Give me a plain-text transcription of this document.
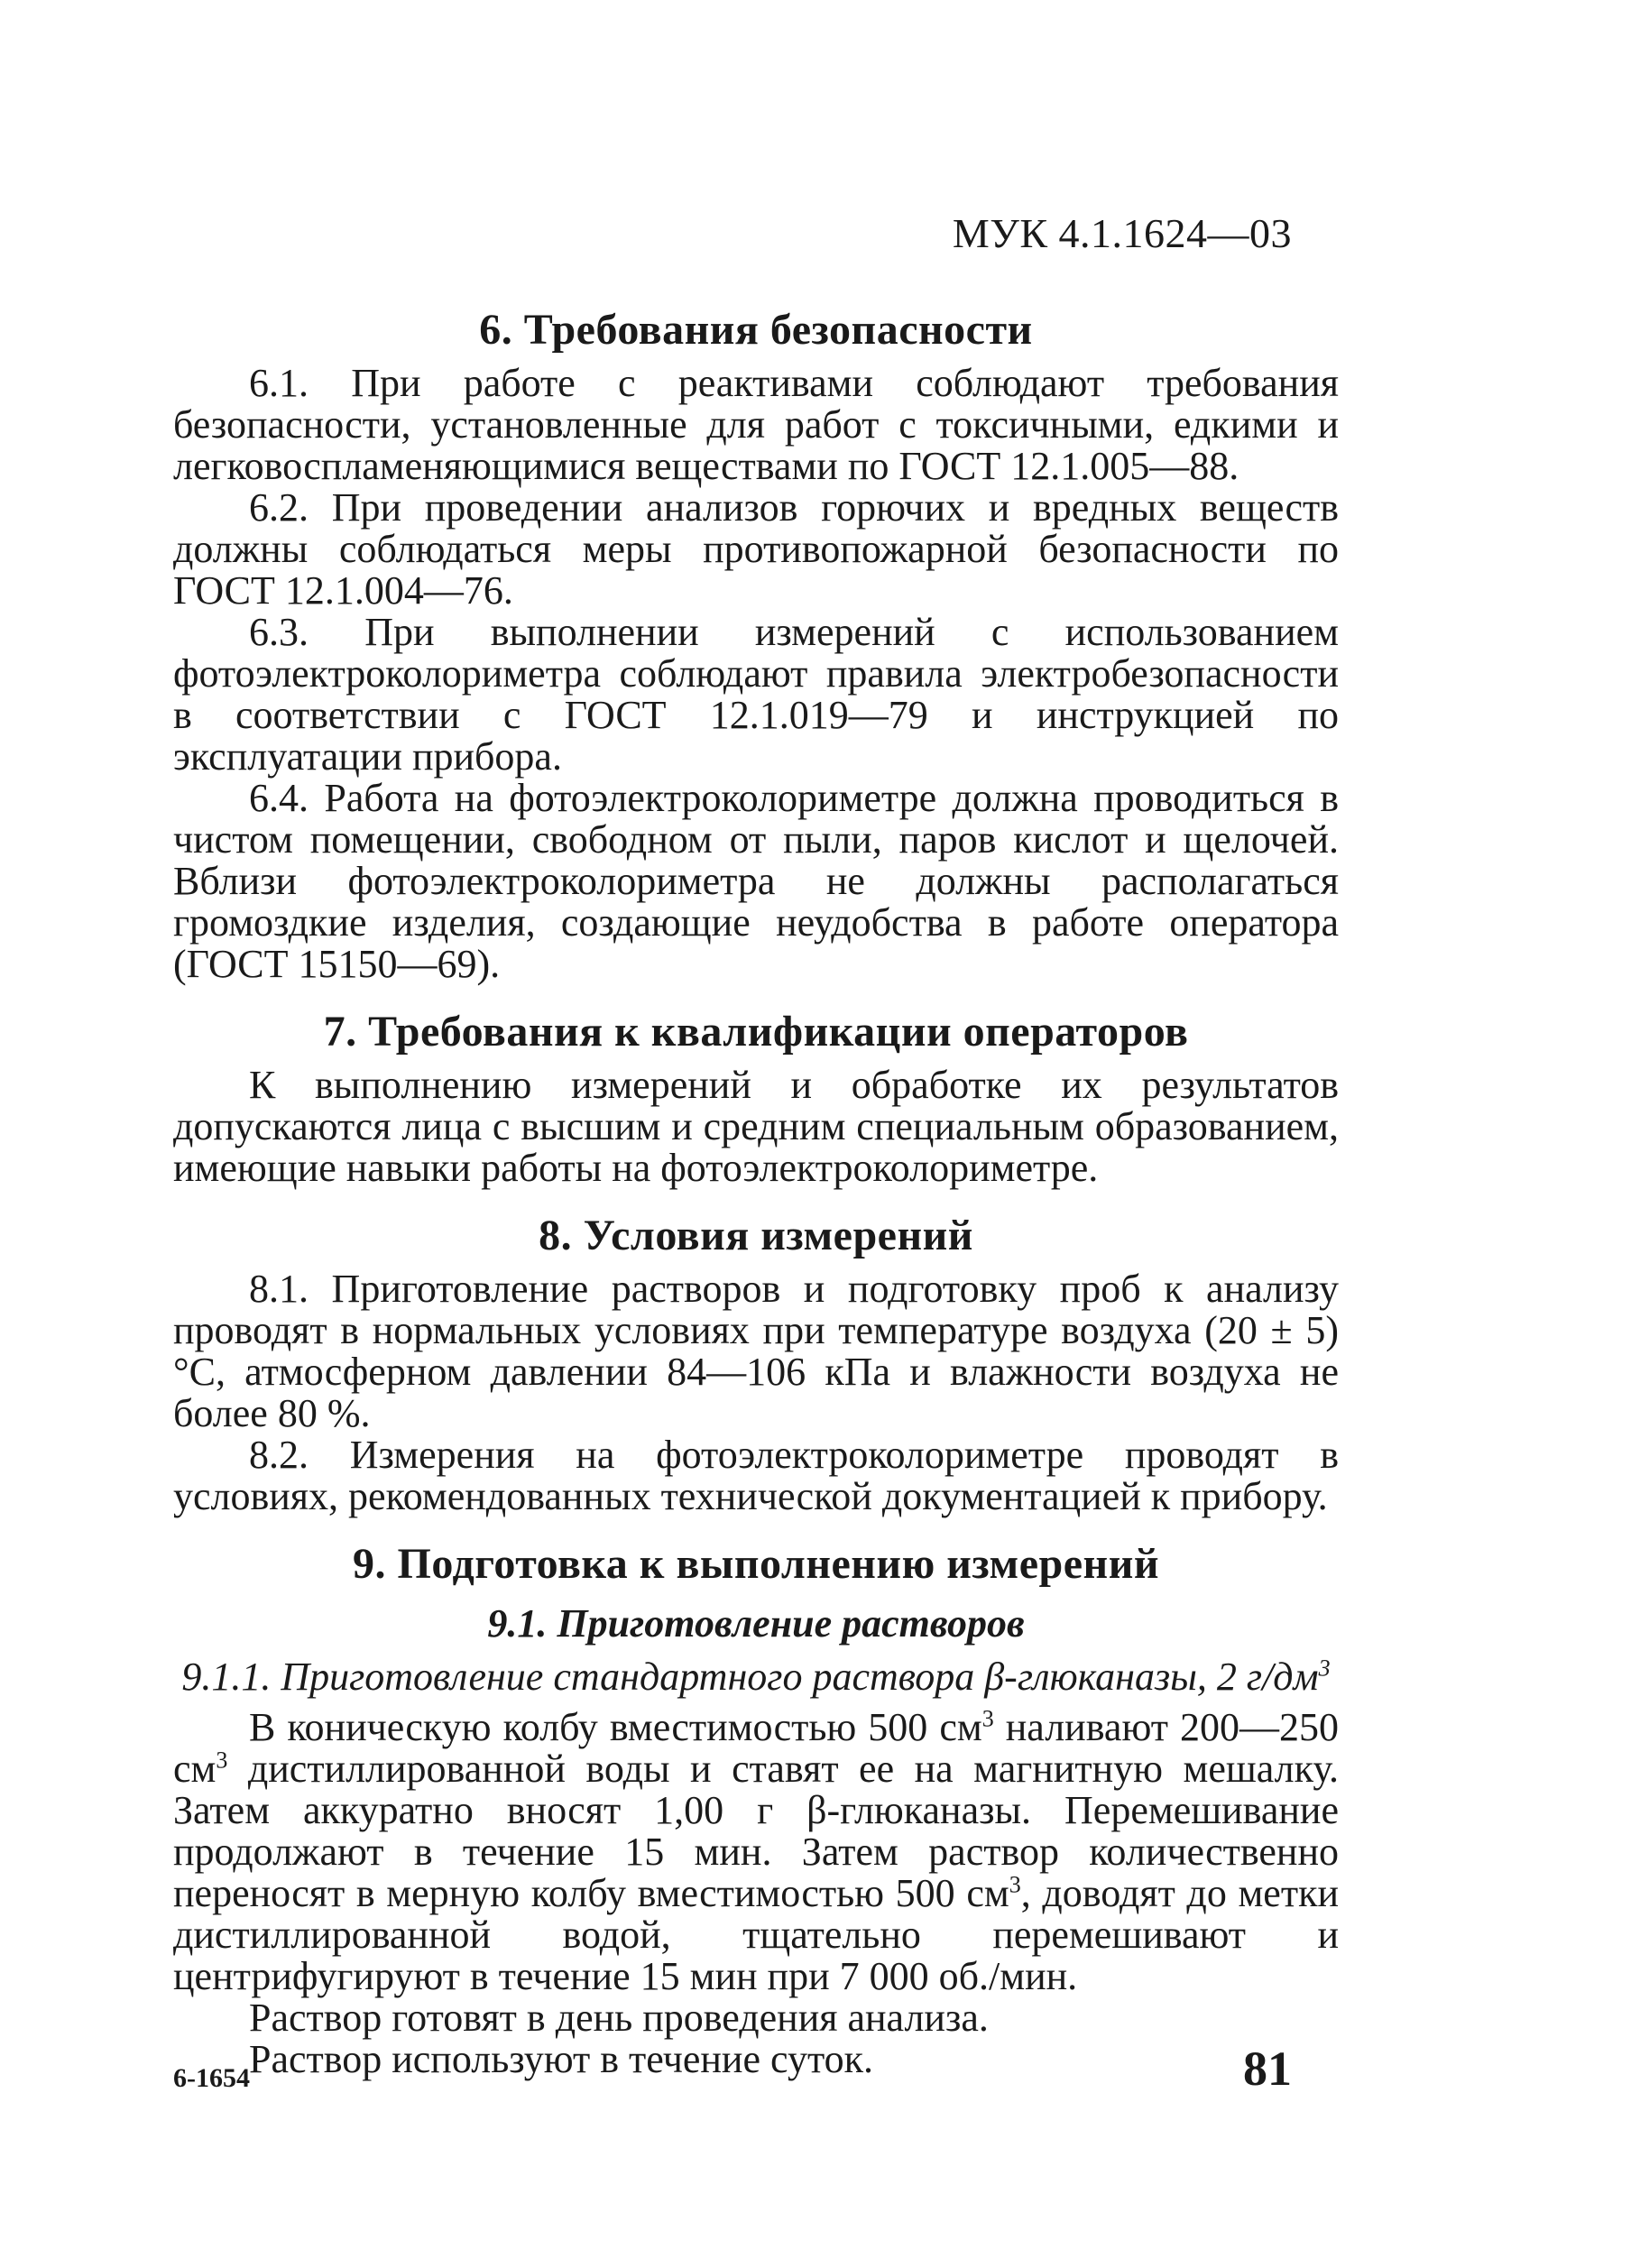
МУК 4.1.1624—03
6. Требования безопасности

6.1. При работе с реактивами соблюдают требования безопасности, установленные для работ с токсичными, едкими и легковоспламеняющимися веществами по ГОСТ 12.1.005—88.

6.2. При проведении анализов горючих и вредных веществ должны соблюдаться меры противопожарной безопасности по ГОСТ 12.1.004—76.

6.3. При выполнении измерений с использованием фотоэлектроколориметра соблюдают правила электробезопасности в соответствии с ГОСТ 12.1.019—79 и инструкцией по эксплуатации прибора.

6.4. Работа на фотоэлектроколориметре должна проводиться в чистом помещении, свободном от пыли, паров кислот и щелочей. Вблизи фотоэлектроколориметра не должны располагаться громоздкие изделия, создающие неудобства в работе оператора (ГОСТ 15150—69).

7. Требования к квалификации операторов

К выполнению измерений и обработке их результатов допускаются лица с высшим и средним специальным образованием, имеющие навыки работы на фотоэлектроколориметре.

8. Условия измерений

8.1. Приготовление растворов и подготовку проб к анализу проводят в нормальных условиях при температуре воздуха (20 ± 5) °С, атмосферном давлении 84—106 кПа и влажности воздуха не более 80 %.

8.2. Измерения на фотоэлектроколориметре проводят в условиях, рекомендованных технической документацией к прибору.

9. Подготовка к выполнению измерений
9.1. Приготовление растворов
9.1.1. Приготовление стандартного раствора β-глюканазы, 2 $г/дм^3$

В коническую колбу вместимостью 500 $см^3$ наливают 200—250 $см^3$ дистиллированной воды и ставят ее на магнитную мешалку. Затем аккуратно вносят 1,00 г β-глюканазы. Перемешивание продолжают в течение 15 мин. Затем раствор количественно переносят в мерную колбу вместимостью 500 $см^3$, доводят до метки дистиллированной водой, тщательно перемешивают и центрифугируют в течение 15 мин при 7 000 об./мин.

Раствор готовят в день проведения анализа.

Раствор используют в течение суток.

6-1654	81
